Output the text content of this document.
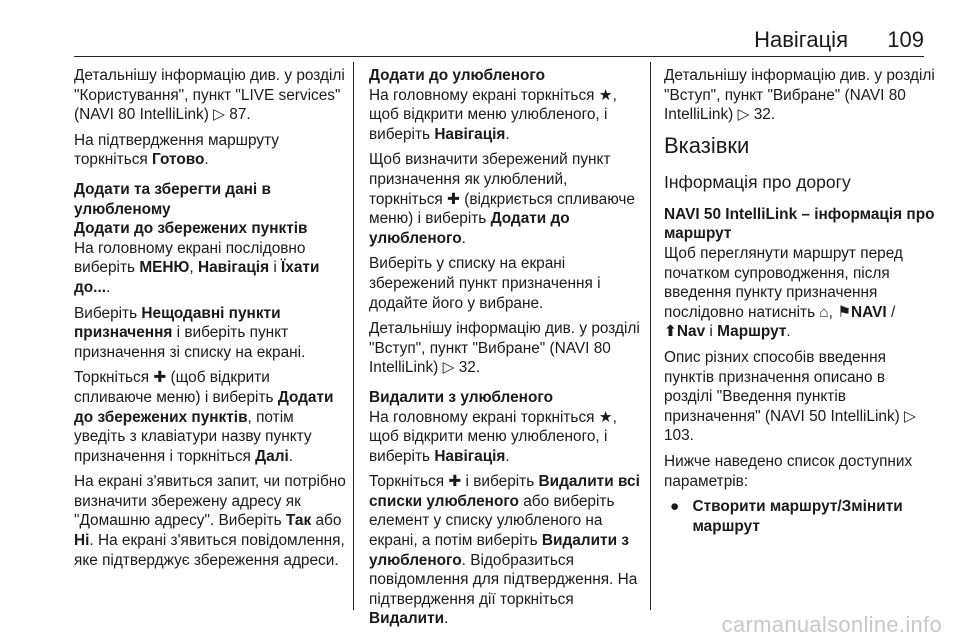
Навігація 109

Детальнішу інформацію див. у розділі "Користування", пункт "LIVE services" (NAVI 80 IntelliLink) ▷ 87.

На підтвердження маршруту торкніться Готово.

Додати та зберегти дані в улюбленому

Додати до збережених пунктів

На головному екрані послідовно виберіть МЕНЮ, Навігація і Їхати до....

Виберіть Нещодавні пункти призначення і виберіть пункт призначення зі списку на екрані.

Торкніться ✚ (щоб відкрити спливаюче меню) і виберіть Додати до збережених пунктів, потім уведіть з клавіатури назву пункту призначення і торкніться Далі.

На екрані з'явиться запит, чи потрібно визначити збережену адресу як "Домашню адресу". Виберіть Так або Ні. На екрані з'явиться повідомлення, яке підтверджує збереження адреси.

Додати до улюбленого

На головному екрані торкніться ★, щоб відкрити меню улюбленого, і виберіть Навігація.

Щоб визначити збережений пункт призначення як улюблений, торкніться ✚ (відкриється спливаюче меню) і виберіть Додати до улюбленого.

Виберіть у списку на екрані збережений пункт призначення і додайте його у вибране.

Детальнішу інформацію див. у розділі "Вступ", пункт "Вибране" (NAVI 80 IntelliLink) ▷ 32.

Видалити з улюбленого

На головному екрані торкніться ★, щоб відкрити меню улюбленого, і виберіть Навігація.

Торкніться ✚ і виберіть Видалити всі списки улюбленого або виберіть елемент у списку улюбленого на екрані, а потім виберіть Видалити з улюбленого. Відобразиться повідомлення для підтвердження. На підтвердження дії торкніться Видалити.

Детальнішу інформацію див. у розділі "Вступ", пункт "Вибране" (NAVI 80 IntelliLink) ▷ 32.

Вказівки

Інформація про дорогу

NAVI 50 IntelliLink – інформація про маршрут

Щоб переглянути маршрут перед початком супроводження, після введення пункту призначення послідовно натисніть ⌂, ⚑NAVI / ⬆Nav і Маршрут.

Опис різних способів введення пунктів призначення описано в розділі "Введення пунктів призначення" (NAVI 50 IntelliLink) ▷ 103.

Нижче наведено список доступних параметрів:

● Створити маршрут/Змінити маршрут
carmanualsonline.info
